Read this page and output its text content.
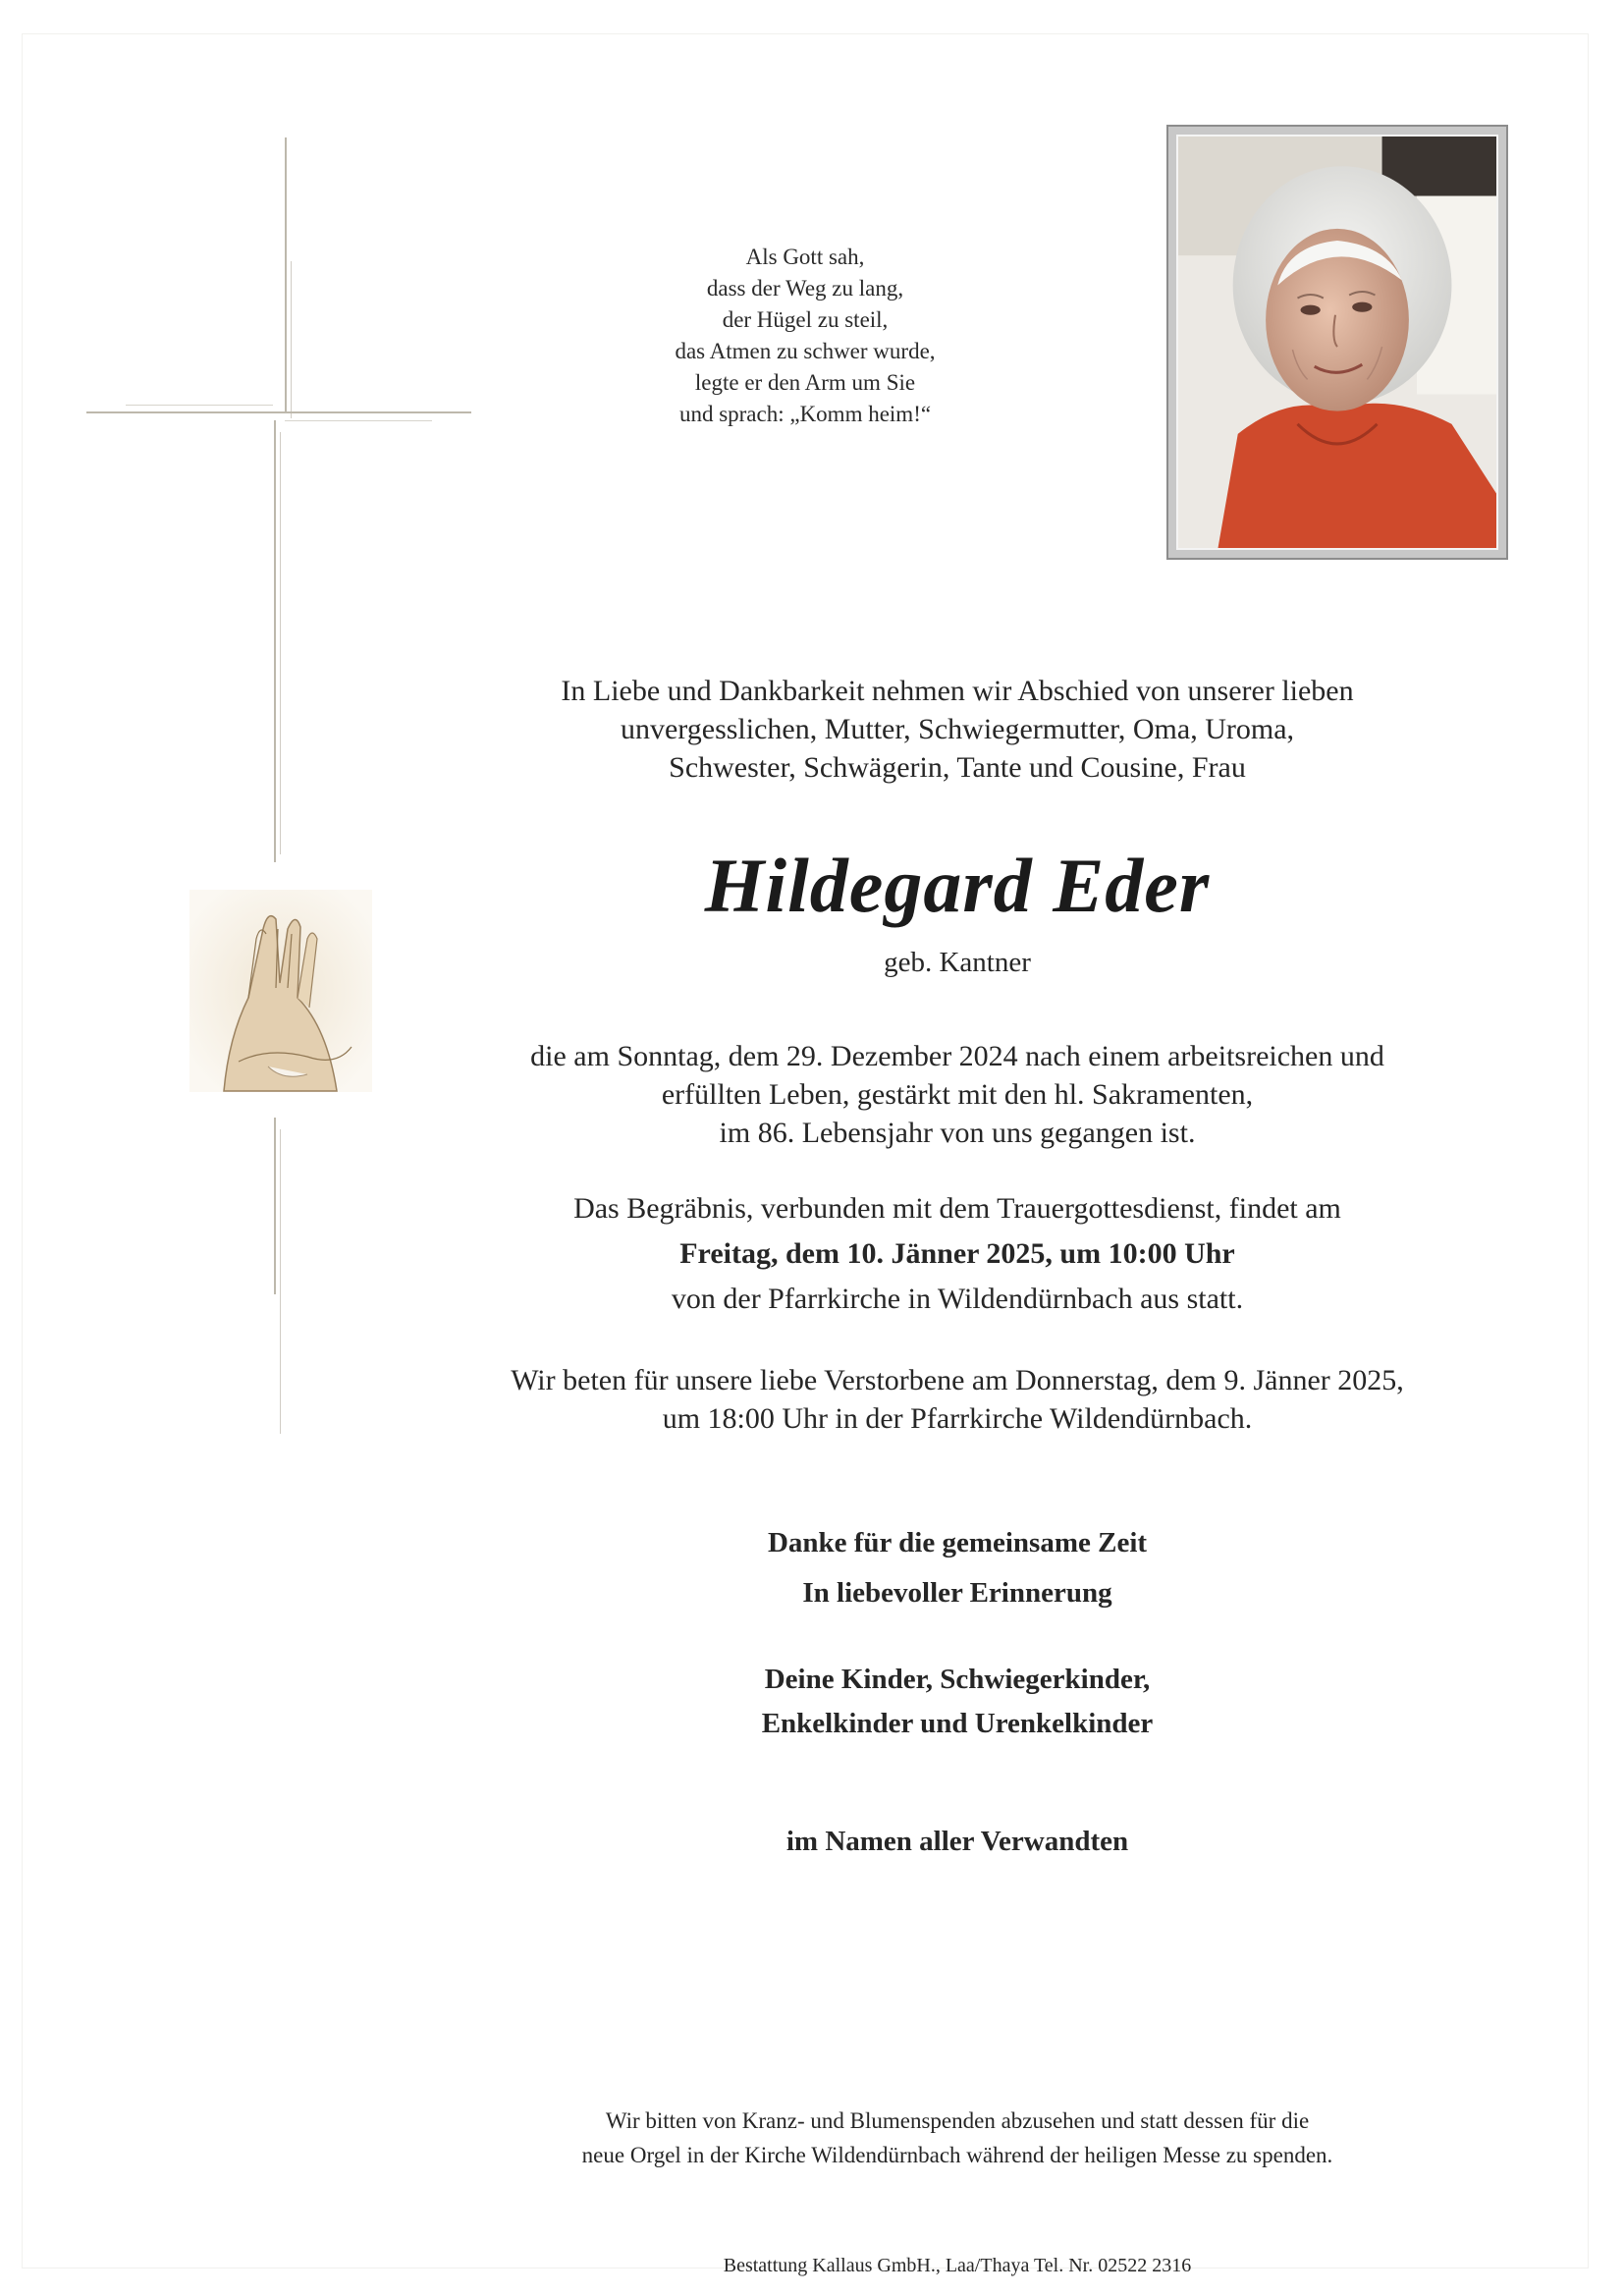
Als Gott sah,
dass der Weg zu lang,
der Hügel zu steil,
das Atmen zu schwer wurde,
legte er den Arm um Sie
und sprach: „Komm heim!“
In Liebe und Dankbarkeit nehmen wir Abschied von unserer lieben
unvergesslichen, Mutter, Schwiegermutter, Oma, Uroma,
Schwester, Schwägerin, Tante und Cousine, Frau
Hildegard Eder
geb. Kantner
die am Sonntag, dem 29. Dezember 2024 nach einem arbeitsreichen und
erfüllten Leben, gestärkt mit den hl. Sakramenten,
im 86. Lebensjahr von uns gegangen ist.
Das Begräbnis, verbunden mit dem Trauergottesdienst, findet am
Freitag, dem 10. Jänner 2025, um 10:00 Uhr
von der Pfarrkirche in Wildendürnbach aus statt.
Wir beten für unsere liebe Verstorbene am Donnerstag, dem 9. Jänner 2025,
um 18:00 Uhr in der Pfarrkirche Wildendürnbach.
Danke für die gemeinsame Zeit
In liebevoller Erinnerung
Deine Kinder, Schwiegerkinder,
Enkelkinder und Urenkelkinder
im Namen aller Verwandten
Wir bitten von Kranz- und Blumenspenden abzusehen und statt dessen für die
neue Orgel in der Kirche Wildendürnbach während der heiligen Messe zu spenden.
Bestattung Kallaus GmbH., Laa/Thaya Tel. Nr. 02522 2316
